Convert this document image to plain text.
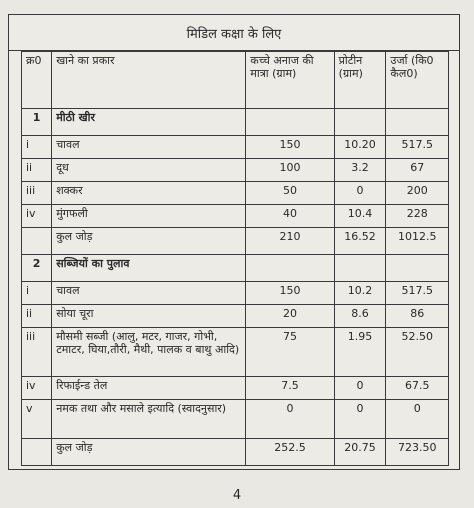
मिडिल कक्षा के लिए
क्र0	खाने का प्रकार	कच्चे अनाज की मात्रा (ग्राम)	प्रोटीन (ग्राम)	उर्जा (कि0 कैल0)
1	मीठी खीर			
i	चावल	150	10.20	517.5
ii	दूध	100	3.2	67
iii	शक्कर	50	0	200
iv	मुंगफली	40	10.4	228
	कुल जोड़	210	16.52	1012.5
2	सब्जियों का पुलाव			
i	चावल	150	10.2	517.5
ii	सोया चूरा	20	8.6	86
iii	मौसमी सब्जी (आलु, मटर, गाजर, गोभी, टमाटर, घिया,तौरी, मैथी, पालक व बाथु आदि)	75	1.95	52.50
iv	रिफाईन्ड तेल	7.5	0	67.5
v	नमक तथा और मसाले इत्यादि (स्वादनुसार)	0	0	0
	कुल जोड़	252.5	20.75	723.50
4
